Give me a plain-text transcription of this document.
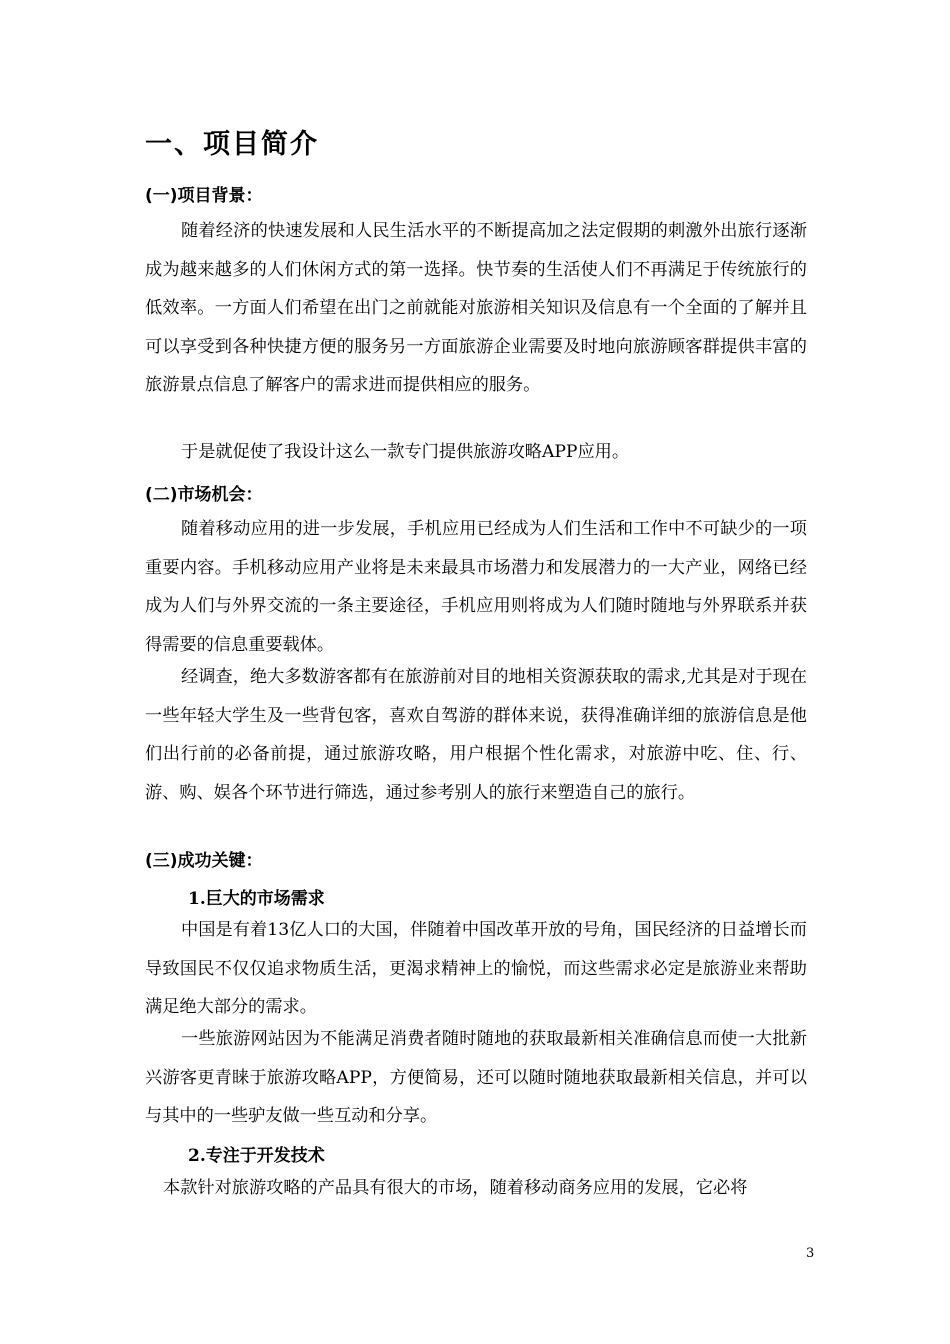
一、项目简介
(一)项目背景：

随着经济的快速发展和人民生活水平的不断提高加之法定假期的刺激外出旅行逐渐成为越来越多的人们休闲方式的第一选择。快节奏的生活使人们不再满足于传统旅行的低效率。一方面人们希望在出门之前就能对旅游相关知识及信息有一个全面的了解并且可以享受到各种快捷方便的服务另一方面旅游企业需要及时地向旅游顾客群提供丰富的旅游景点信息了解客户的需求进而提供相应的服务。

于是就促使了我设计这么一款专门提供旅游攻略APP应用。

(二)市场机会：

随着移动应用的进一步发展，手机应用已经成为人们生活和工作中不可缺少的一项重要内容。手机移动应用产业将是未来最具市场潜力和发展潜力的一大产业，网络已经成为人们与外界交流的一条主要途径，手机应用则将成为人们随时随地与外界联系并获得需要的信息重要载体。

经调查，绝大多数游客都有在旅游前对目的地相关资源获取的需求,尤其是对于现在一些年轻大学生及一些背包客，喜欢自驾游的群体来说，获得准确详细的旅游信息是他们出行前的必备前提，通过旅游攻略，用户根据个性化需求，对旅游中吃、住、行、游、购、娱各个环节进行筛选，通过参考别人的旅行来塑造自己的旅行。

(三)成功关键：
1.巨大的市场需求

中国是有着13亿人口的大国，伴随着中国改革开放的号角，国民经济的日益增长而导致国民不仅仅追求物质生活，更渴求精神上的愉悦，而这些需求必定是旅游业来帮助满足绝大部分的需求。

一些旅游网站因为不能满足消费者随时随地的获取最新相关准确信息而使一大批新兴游客更青睐于旅游攻略APP，方便简易，还可以随时随地获取最新相关信息，并可以与其中的一些驴友做一些互动和分享。

2.专注于开发技术

本款针对旅游攻略的产品具有很大的市场，随着移动商务应用的发展，它必将

3
